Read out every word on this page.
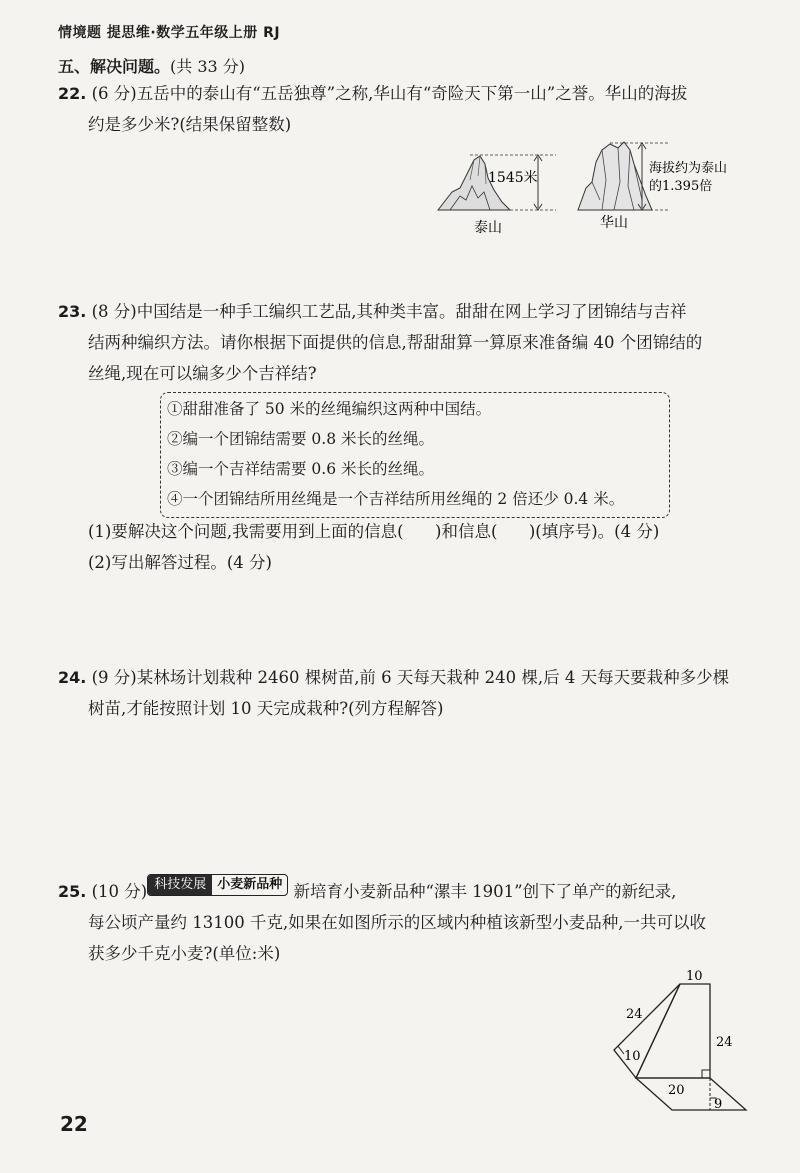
情境题 提思维·数学五年级上册 RJ
五、解决问题。(共 33 分)
22. (6 分)五岳中的泰山有“五岳独尊”之称,华山有“奇险天下第一山”之誉。华山的海拔
约是多少米?(结果保留整数)
1545米
泰山
海拔约为泰山
的1.395倍
华山
23. (8 分)中国结是一种手工编织工艺品,其种类丰富。甜甜在网上学习了团锦结与吉祥
结两种编织方法。请你根据下面提供的信息,帮甜甜算一算原来准备编 40 个团锦结的
丝绳,现在可以编多少个吉祥结?
①甜甜准备了 50 米的丝绳编织这两种中国结。
②编一个团锦结需要 0.8 米长的丝绳。
③编一个吉祥结需要 0.6 米长的丝绳。
④一个团锦结所用丝绳是一个吉祥结所用丝绳的 2 倍还少 0.4 米。
(1)要解决这个问题,我需要用到上面的信息(      )和信息(      )(填序号)。(4 分)
(2)写出解答过程。(4 分)
24. (9 分)某林场计划栽种 2460 棵树苗,前 6 天每天栽种 240 棵,后 4 天每天要栽种多少棵
树苗,才能按照计划 10 天完成栽种?(列方程解答)
25. (10 分) 科技发展 小麦新品种 新培育小麦新品种“漯丰 1901”创下了单产的新纪录,
每公顷产量约 13100 千克,如果在如图所示的区域内种植该新型小麦品种,一共可以收
获多少千克小麦?(单位:米)
10
24
10
24
20
9
22
